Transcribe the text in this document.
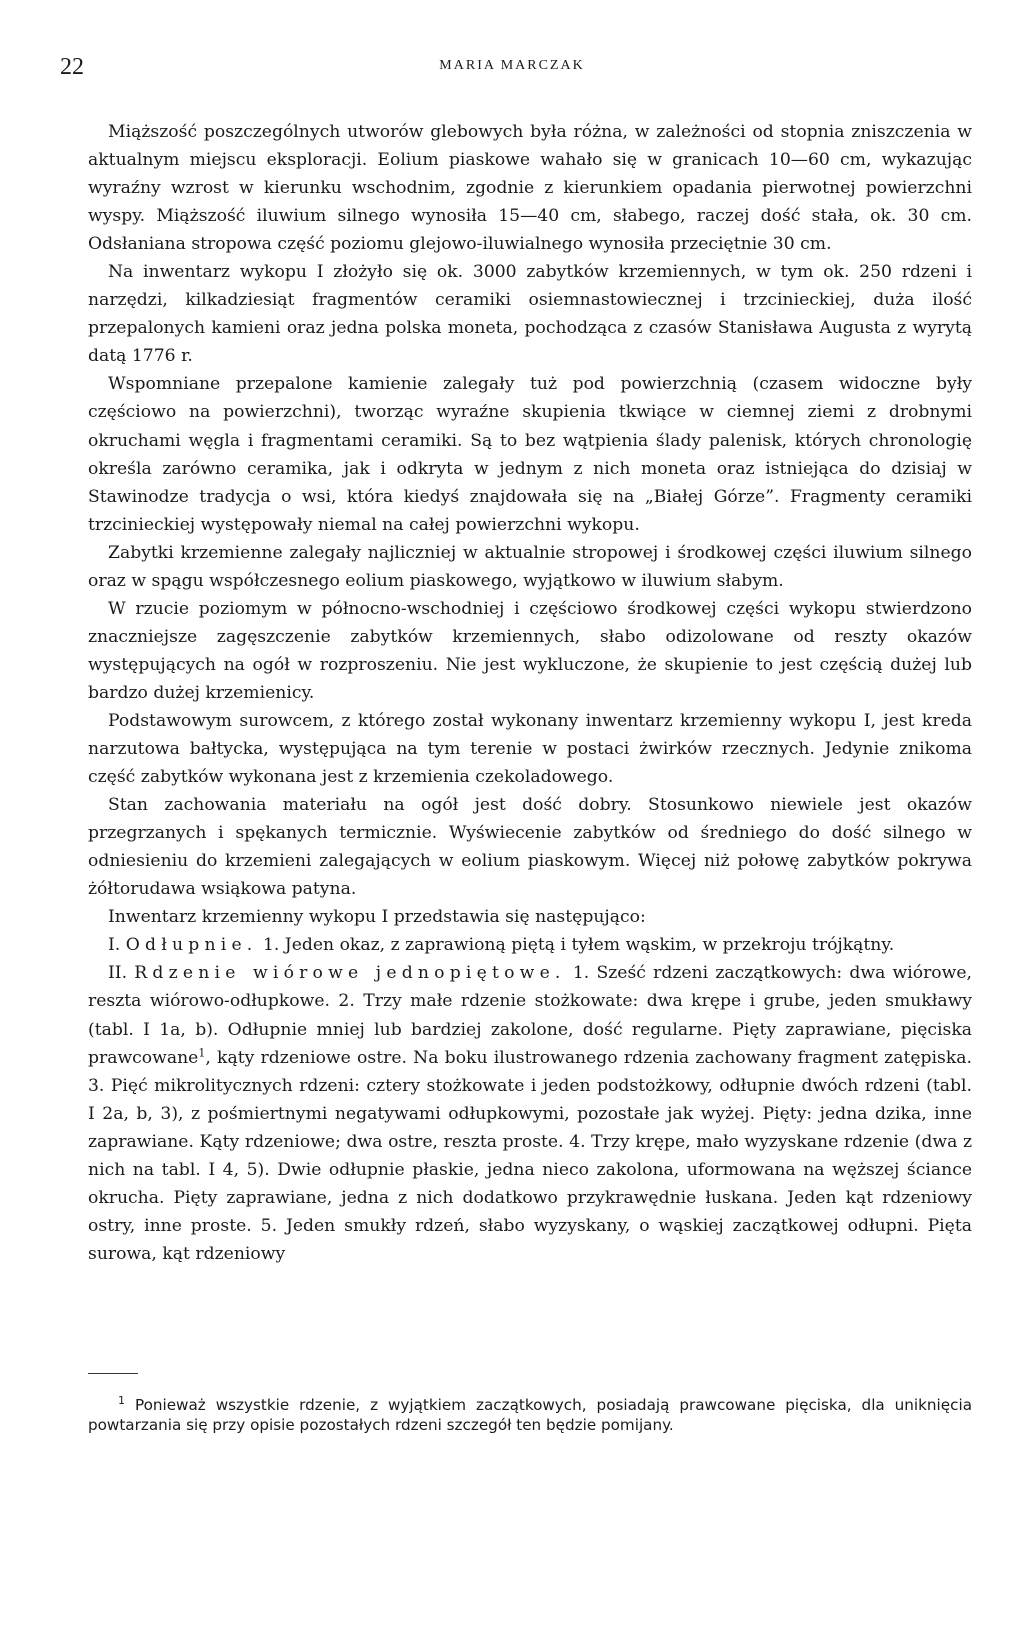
22	MARIA MARCZAK

Miąższość poszczególnych utworów glebowych była różna, w zależności od stopnia zniszczenia w aktualnym miejscu eksploracji. Eolium piaskowe wahało się w granicach 10—60 cm, wykazując wyraźny wzrost w kierunku wschodnim, zgodnie z kierunkiem opadania pierwotnej powierzchni wyspy. Miąższość iluwium silnego wynosiła 15—40 cm, słabego, raczej dość stała, ok. 30 cm. Odsłaniana stropowa część poziomu glejowo-iluwialnego wynosiła przeciętnie 30 cm.

Na inwentarz wykopu I złożyło się ok. 3000 zabytków krzemiennych, w tym ok. 250 rdzeni i narzędzi, kilkadziesiąt fragmentów ceramiki osiemnastowiecznej i trzcinieckiej, duża ilość przepalonych kamieni oraz jedna polska moneta, pochodząca z czasów Stanisława Augusta z wyrytą datą 1776 r.

Wspomniane przepalone kamienie zalegały tuż pod powierzchnią (czasem widoczne były częściowo na powierzchni), tworząc wyraźne skupienia tkwiące w ciemnej ziemi z drobnymi okruchami węgla i fragmentami ceramiki. Są to bez wątpienia ślady palenisk, których chronologię określa zarówno ceramika, jak i odkryta w jednym z nich moneta oraz istniejąca do dzisiaj w Stawinodze tradycja o wsi, która kiedyś znajdowała się na „Białej Górze”. Fragmenty ceramiki trzcinieckiej występowały niemal na całej powierzchni wykopu.

Zabytki krzemienne zalegały najliczniej w aktualnie stropowej i środkowej części iluwium silnego oraz w spągu współczesnego eolium piaskowego, wyjątkowo w iluwium słabym.

W rzucie poziomym w północno-wschodniej i częściowo środkowej części wykopu stwierdzono znaczniejsze zagęszczenie zabytków krzemiennych, słabo odizolowane od reszty okazów występujących na ogół w rozproszeniu. Nie jest wykluczone, że skupienie to jest częścią dużej lub bardzo dużej krzemienicy.

Podstawowym surowcem, z którego został wykonany inwentarz krzemienny wykopu I, jest kreda narzutowa bałtycka, występująca na tym terenie w postaci żwirków rzecznych. Jedynie znikoma część zabytków wykonana jest z krzemienia czekoladowego.

Stan zachowania materiału na ogół jest dość dobry. Stosunkowo niewiele jest okazów przegrzanych i spękanych termicznie. Wyświecenie zabytków od średniego do dość silnego w odniesieniu do krzemieni zalegających w eolium piaskowym. Więcej niż połowę zabytków pokrywa żółtorudawa wsiąkowa patyna.

Inwentarz krzemienny wykopu I przedstawia się następująco:

I. Odłupnie. 1. Jeden okaz, z zaprawioną piętą i tyłem wąskim, w przekroju trójkątny.

II. Rdzenie wiórowe jednopiętowe. 1. Sześć rdzeni zaczątkowych: dwa wiórowe, reszta wiórowo-odłupkowe. 2. Trzy małe rdzenie stożkowate: dwa krępe i grube, jeden smukławy (tabl. I 1a, b). Odłupnie mniej lub bardziej zakolone, dość regularne. Pięty zaprawiane, pięciska prawcowane$^1$, kąty rdzeniowe ostre. Na boku ilustrowanego rdzenia zachowany fragment zatępiska. 3. Pięć mikrolitycznych rdzeni: cztery stożkowate i jeden podstożkowy, odłupnie dwóch rdzeni (tabl. I 2a, b, 3), z pośmiertnymi negatywami odłupkowymi, pozostałe jak wyżej. Pięty: jedna dzika, inne zaprawiane. Kąty rdzeniowe; dwa ostre, reszta proste. 4. Trzy krępe, mało wyzyskane rdzenie (dwa z nich na tabl. I 4, 5). Dwie odłupnie płaskie, jedna nieco zakolona, uformowana na węższej ściance okrucha. Pięty zaprawiane, jedna z nich dodatkowo przykrawędnie łuskana. Jeden kąt rdzeniowy ostry, inne proste. 5. Jeden smukły rdzeń, słabo wyzyskany, o wąskiej zaczątkowej odłupni. Pięta surowa, kąt rdzeniowy

$^1$ Ponieważ wszystkie rdzenie, z wyjątkiem zaczątkowych, posiadają prawcowane pięciska, dla uniknięcia powtarzania się przy opisie pozostałych rdzeni szczegół ten będzie pomijany.
